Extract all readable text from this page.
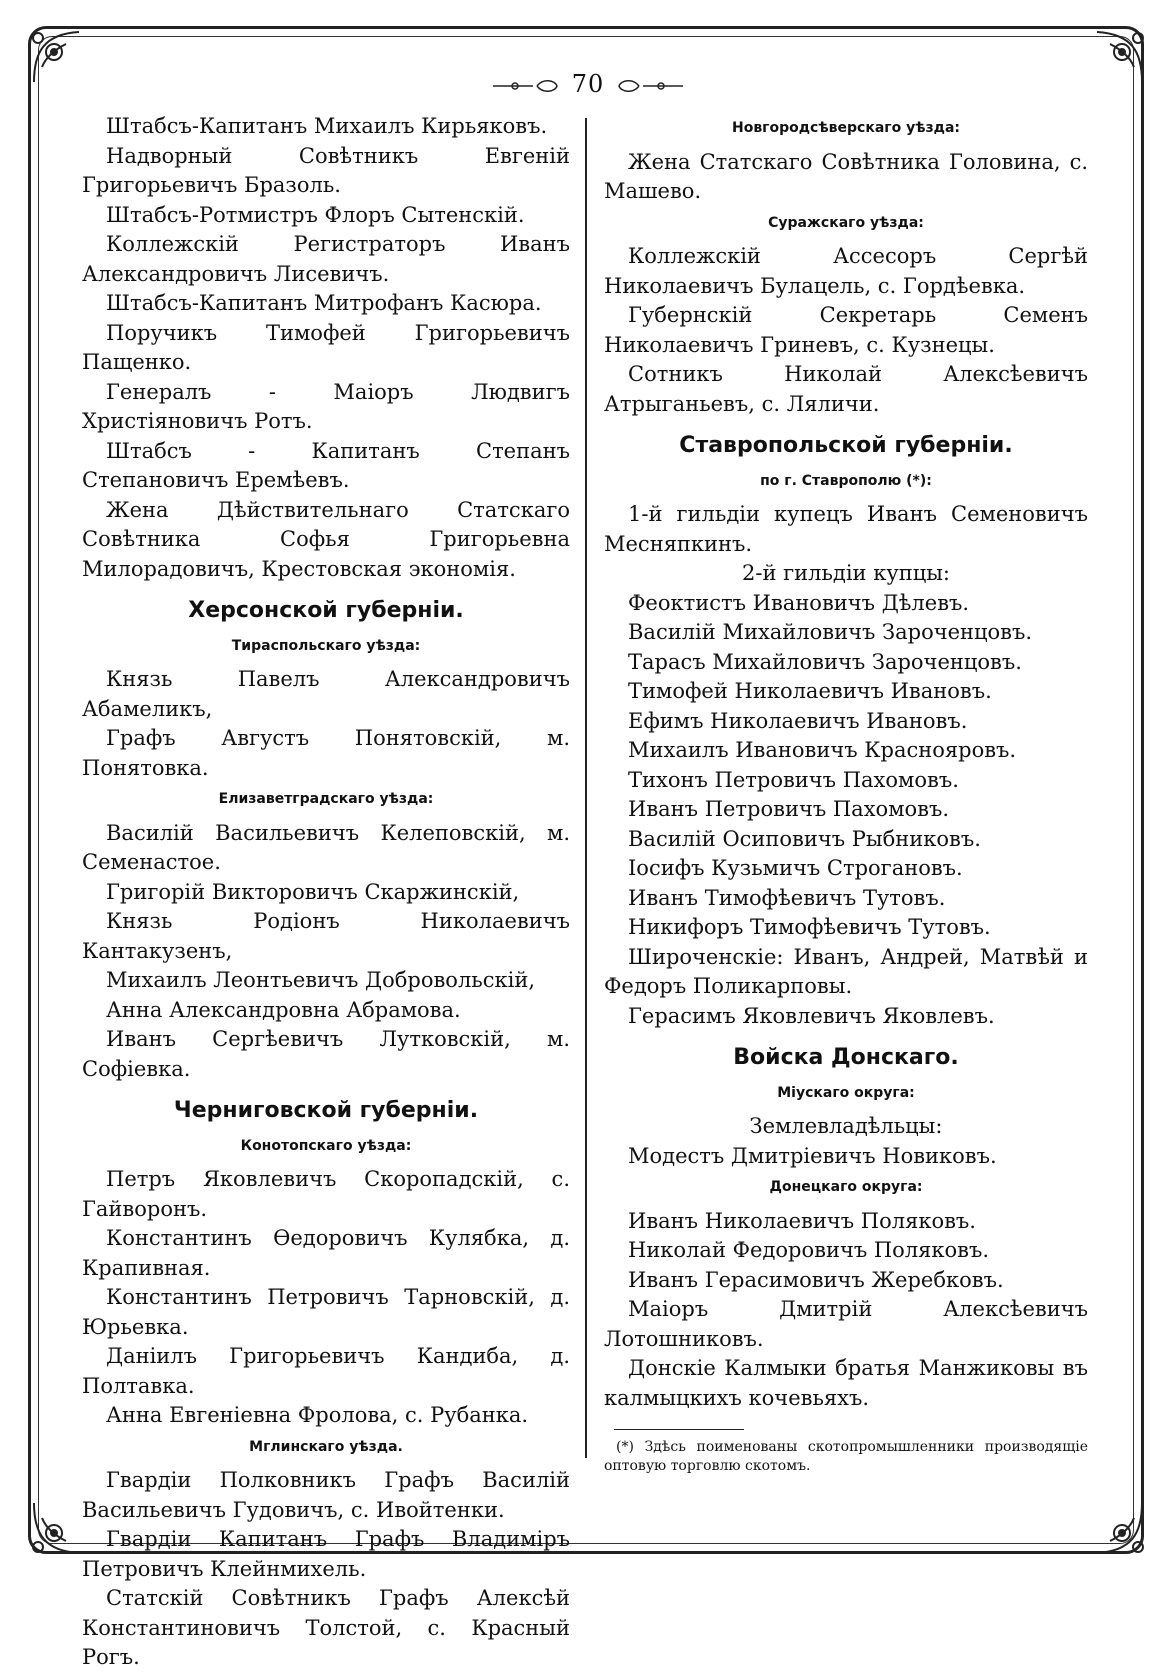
70

Штабсъ-Капитанъ Михаилъ Кирьяковъ.

Надворный Совѣтникъ Евгеній Григорьевичъ Бразоль.

Штабсъ-Ротмистръ Флоръ Сытенскій.

Коллежскій Регистраторъ Иванъ Александровичъ Лисевичъ.

Штабсъ-Капитанъ Митрофанъ Касюра.

Поручикъ Тимофей Григорьевичъ Пащенко.

Генералъ - Маіоръ Людвигъ Христіяновичъ Ротъ.

Штабсъ - Капитанъ Степанъ Степановичъ Еремѣевъ.

Жена Дѣйствительнаго Статскаго Совѣтника Софья Григорьевна Милорадовичъ, Крестовская экономія.

Херсонской губерніи.

Тираспольскаго уѣзда:

Князь Павелъ Александровичъ Абамеликъ,

Графъ Августъ Понятовскій, м. Понятовка.

Елизаветградскаго уѣзда:

Василій Васильевичъ Келеповскій, м. Семенастое.

Григорій Викторовичъ Скаржинскій,

Князь Родіонъ Николаевичъ Кантакузенъ,

Михаилъ Леонтьевичъ Добровольскій,

Анна Александровна Абрамова.

Иванъ Сергѣевичъ Лутковскій, м. Софіевка.

Черниговской губерніи.

Конотопскаго уѣзда:

Петръ Яковлевичъ Скоропадскій, с. Гайворонъ.

Константинъ Ѳедоровичъ Кулябка, д. Крапивная.

Константинъ Петровичъ Тарновскій, д. Юрьевка.

Даніилъ Григорьевичъ Кандиба, д. Полтавка.

Анна Евгеніевна Фролова, с. Рубанка.

Мглинскаго уѣзда.

Гвардіи Полковникъ Графъ Василій Васильевичъ Гудовичъ, с. Ивойтенки.

Гвардіи Капитанъ Графъ Владиміръ Петровичъ Клейнмихель.

Статскій Совѣтникъ Графъ Алексѣй Константиновичъ Толстой, с. Красный Рогъ.

Новгородсѣверскаго уѣзда:

Жена Статскаго Совѣтника Головина, с. Машево.

Суражскаго уѣзда:

Коллежскій Ассесоръ Сергѣй Николаевичъ Булацель, с. Гордѣевка.

Губернскій Секретарь Семенъ Николаевичъ Гриневъ, с. Кузнецы.

Сотникъ Николай Алексѣевичъ Атрыганьевъ, с. Ляличи.

Ставропольской губерніи.

по г. Ставрополю (*):

1-й гильдіи купецъ Иванъ Семеновичъ Месняпкинъ.

2-й гильдіи купцы:

Феоктистъ Ивановичъ Дѣлевъ.

Василій Михайловичъ Зароченцовъ.

Тарасъ Михайловичъ Зароченцовъ.

Тимофей Николаевичъ Ивановъ.

Ефимъ Николаевичъ Ивановъ.

Михаилъ Ивановичъ Краснояровъ.

Тихонъ Петровичъ Пахомовъ.

Иванъ Петровичъ Пахомовъ.

Василій Осиповичъ Рыбниковъ.

Іосифъ Кузьмичъ Строгановъ.

Иванъ Тимофѣевичъ Тутовъ.

Никифоръ Тимофѣевичъ Тутовъ.

Широченскіе: Иванъ, Андрей, Матвѣй и Федоръ Поликарповы.

Герасимъ Яковлевичъ Яковлевъ.

Войска Донскаго.

Міускаго округа:

Землевладѣльцы:

Модестъ Дмитріевичъ Новиковъ.

Донецкаго округа:

Иванъ Николаевичъ Поляковъ.

Николай Федоровичъ Поляковъ.

Иванъ Герасимовичъ Жеребковъ.

Маіоръ Дмитрій Алексѣевичъ Лотошниковъ.

Донскіе Калмыки братья Манжиковы въ калмыцкихъ кочевьяхъ.

(*) Здѣсь поименованы скотопромышленники производящіе оптовую торговлю скотомъ.
